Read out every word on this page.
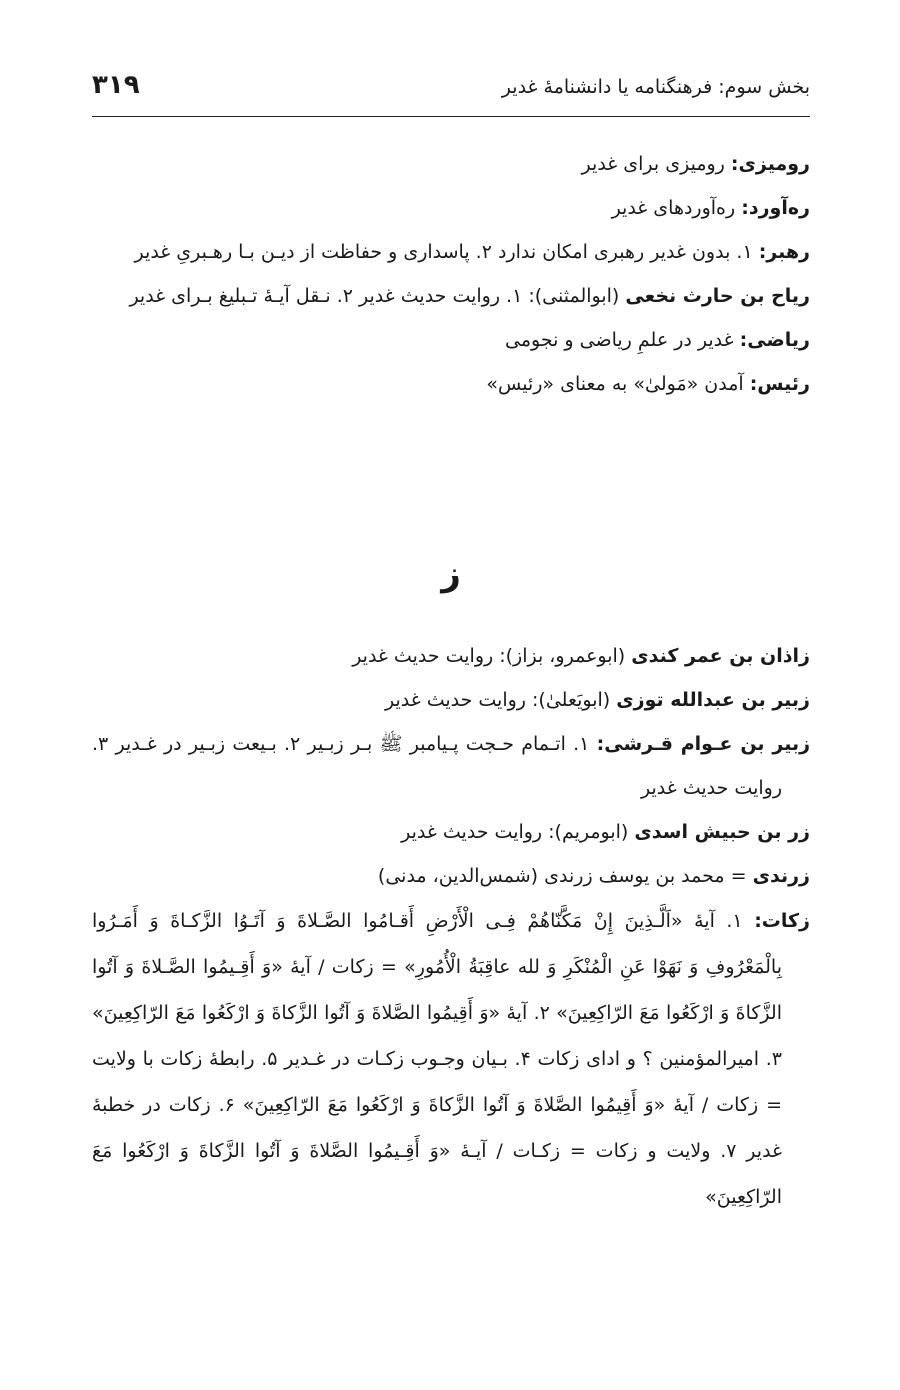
بخش سوم: فرهنگنامه یا دانشنامهٔ غدیر
۳۱۹

رومیزی: رومیزی برای غدیر

ره‌آورد: ره‌آوردهای غدیر

رهبر: ۱. بدون غدیر رهبری امکان ندارد ۲. پاسداری و حفاظت از دیـن بـا رهـبریِ غدیر

ریاح بن حارث نخعی (ابوالمثنی): ۱. روایت حدیث غدیر ۲. نـقل آیـهٔ تـبلیغ بـرای غدیر

ریاضی: غدیر در علمِ ریاضی و نجومی

رئیس: آمدن «مَولیٰ» به معنای «رئیس»

ز

زاذان بن عمر کندی (ابوعمرو، بزاز): روایت حدیث غدیر

زبیر بن عبدالله توزی (ابویَعلیٰ): روایت حدیث غدیر

زبیر بن عـوام قـرشی: ۱. اتـمام حـجت پـیامبر ﷺ بـر زبـیر ۲. بـیعت زبـیر در غـدیر ۳. روایت حدیث غدیر

زر بن حبیش اسدی (ابومریم): روایت حدیث غدیر

زرندی = محمد بن یوسف زرندی (شمس‌الدین، مدنی)

زکات: ۱. آیهٔ «اَلَّـذِینَ إِنْ مَکَّنّاهُمْ فِـی الْأَرْضِ أَقـامُوا الصَّـلاةَ وَ آتَـوُا الزَّکـاةَ وَ أَمَـرُوا بِالْمَعْرُوفِ وَ نَهَوْا عَنِ الْمُنْکَرِ وَ لله عاقِبَةُ الْأُمُورِ» = زکات / آیهٔ «وَ أَقِـیمُوا الصَّـلاةَ وَ آتُوا الزَّکاةَ وَ ارْکَعُوا مَعَ الرّاکِعِینَ» ۲. آیهٔ «وَ أَقِیمُوا الصَّلاةَ وَ آتُوا الزَّکاةَ وَ ارْکَعُوا مَعَ الرّاکِعِینَ» ۳. امیرالمؤمنین ؟ و ادای زکات ۴. بـیان وجـوب زکـات در غـدیر ۵. رابطهٔ زکات با ولایت = زکات / آیهٔ «وَ أَقِیمُوا الصَّلاةَ وَ آتُوا الزَّکاةَ وَ ارْکَعُوا مَعَ الرّاکِعِینَ» ۶. زکات در خطبهٔ غدیر ۷. ولایت و زکات = زکـات / آیـهٔ «وَ أَقِـیمُوا الصَّلاةَ وَ آتُوا الزَّکاةَ وَ ارْکَعُوا مَعَ الرّاکِعِینَ»
